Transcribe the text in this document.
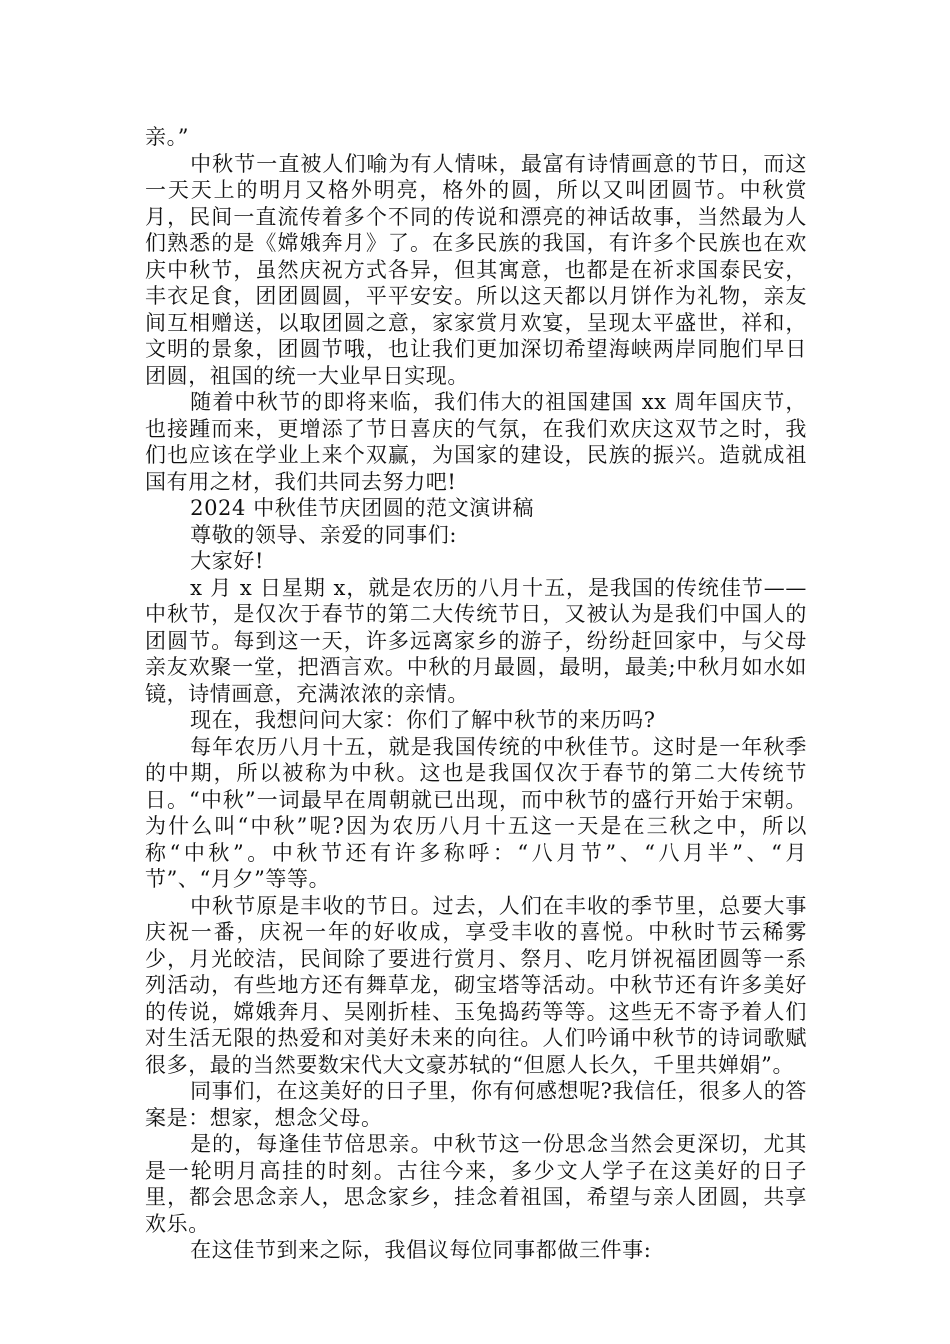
亲。”

中秋节一直被人们喻为有人情味，最富有诗情画意的节日，而这一天天上的明月又格外明亮，格外的圆，所以又叫团圆节。中秋赏月，民间一直流传着多个不同的传说和漂亮的神话故事，当然最为人们熟悉的是《嫦娥奔月》了。在多民族的我国，有许多个民族也在欢庆中秋节，虽然庆祝方式各异，但其寓意，也都是在祈求国泰民安，丰衣足食，团团圆圆，平平安安。所以这天都以月饼作为礼物，亲友间互相赠送，以取团圆之意，家家赏月欢宴，呈现太平盛世，祥和，文明的景象，团圆节哦，也让我们更加深切希望海峡两岸同胞们早日团圆，祖国的统一大业早日实现。

随着中秋节的即将来临，我们伟大的祖国建国 xx 周年国庆节，也接踵而来，更增添了节日喜庆的气氛，在我们欢庆这双节之时，我们也应该在学业上来个双赢，为国家的建设，民族的振兴。造就成祖国有用之材，我们共同去努力吧!

2024 中秋佳节庆团圆的范文演讲稿

尊敬的领导、亲爱的同事们:

大家好!

x 月 x 日星期 x，就是农历的八月十五，是我国的传统佳节——中秋节，是仅次于春节的第二大传统节日，又被认为是我们中国人的团圆节。每到这一天，许多远离家乡的游子，纷纷赶回家中，与父母亲友欢聚一堂，把酒言欢。中秋的月最圆，最明，最美;中秋月如水如镜，诗情画意，充满浓浓的亲情。

现在，我想问问大家：你们了解中秋节的来历吗?

每年农历八月十五，就是我国传统的中秋佳节。这时是一年秋季的中期，所以被称为中秋。这也是我国仅次于春节的第二大传统节日。“中秋”一词最早在周朝就已出现，而中秋节的盛行开始于宋朝。为什么叫“中秋”呢?因为农历八月十五这一天是在三秋之中，所以称“中秋”。中秋节还有许多称呼：“八月节”、“八月半”、“月节”、“月夕”等等。

中秋节原是丰收的节日。过去，人们在丰收的季节里，总要大事庆祝一番，庆祝一年的好收成，享受丰收的喜悦。中秋时节云稀雾少，月光皎洁，民间除了要进行赏月、祭月、吃月饼祝福团圆等一系列活动，有些地方还有舞草龙，砌宝塔等活动。中秋节还有许多美好的传说，嫦娥奔月、吴刚折桂、玉兔捣药等等。这些无不寄予着人们对生活无限的热爱和对美好未来的向往。人们吟诵中秋节的诗词歌赋很多，最的当然要数宋代大文豪苏轼的“但愿人长久，千里共婵娟”。

同事们，在这美好的日子里，你有何感想呢?我信任，很多人的答案是：想家，想念父母。

是的，每逢佳节倍思亲。中秋节这一份思念当然会更深切，尤其是一轮明月高挂的时刻。古往今来，多少文人学子在这美好的日子里，都会思念亲人，思念家乡，挂念着祖国，希望与亲人团圆，共享欢乐。

在这佳节到来之际，我倡议每位同事都做三件事:
